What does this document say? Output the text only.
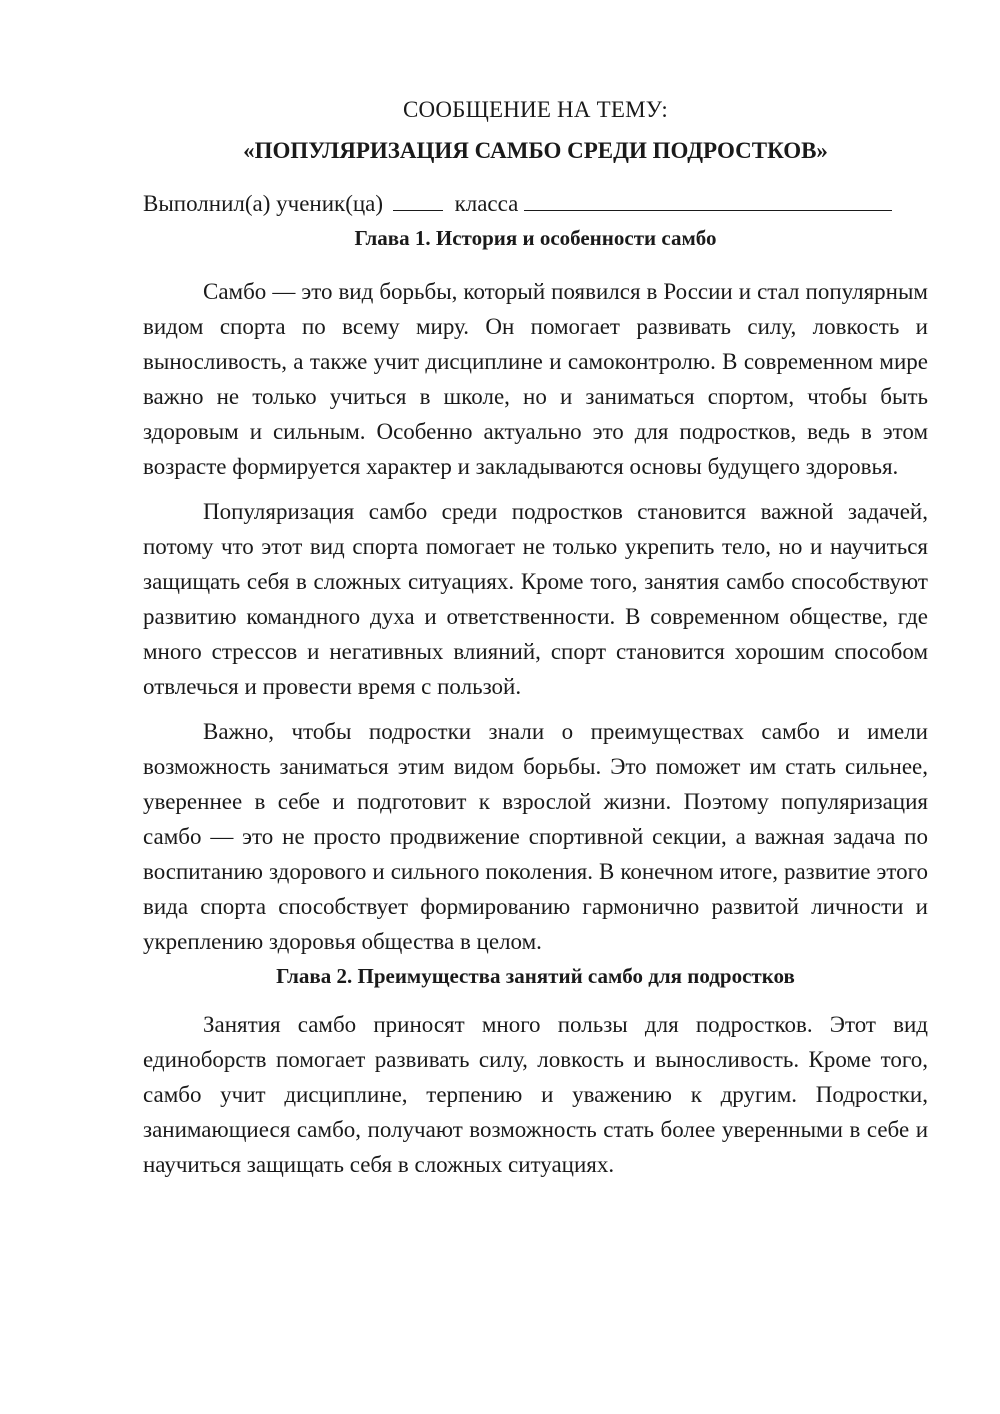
СООБЩЕНИЕ НА ТЕМУ:

«ПОПУЛЯРИЗАЦИЯ САМБО СРЕДИ ПОДРОСТКОВ»

Выполнил(а) ученик(ца)	класса

Глава 1. История и особенности самбо

Самбо — это вид борьбы, который появился в России и стал популярным видом спорта по всему миру. Он помогает развивать силу, ловкость и выносливость, а также учит дисциплине и самоконтролю. В современном мире важно не только учиться в школе, но и заниматься спортом, чтобы быть здоровым и сильным. Особенно актуально это для подростков, ведь в этом возрасте формируется характер и закладываются основы будущего здоровья.

Популяризация самбо среди подростков становится важной задачей, потому что этот вид спорта помогает не только укрепить тело, но и научиться защищать себя в сложных ситуациях. Кроме того, занятия самбо способствуют развитию командного духа и ответственности. В современном обществе, где много стрессов и негативных влияний, спорт становится хорошим способом отвлечься и провести время с пользой.

Важно, чтобы подростки знали о преимуществах самбо и имели возможность заниматься этим видом борьбы. Это поможет им стать сильнее, увереннее в себе и подготовит к взрослой жизни. Поэтому популяризация самбо — это не просто продвижение спортивной секции, а важная задача по воспитанию здорового и сильного поколения. В конечном итоге, развитие этого вида спорта способствует формированию гармонично развитой личности и укреплению здоровья общества в целом.

Глава 2. Преимущества занятий самбо для подростков

Занятия самбо приносят много пользы для подростков. Этот вид единоборств помогает развивать силу, ловкость и выносливость. Кроме того, самбо учит дисциплине, терпению и уважению к другим. Подростки, занимающиеся самбо, получают возможность стать более уверенными в себе и научиться защищать себя в сложных ситуациях.
